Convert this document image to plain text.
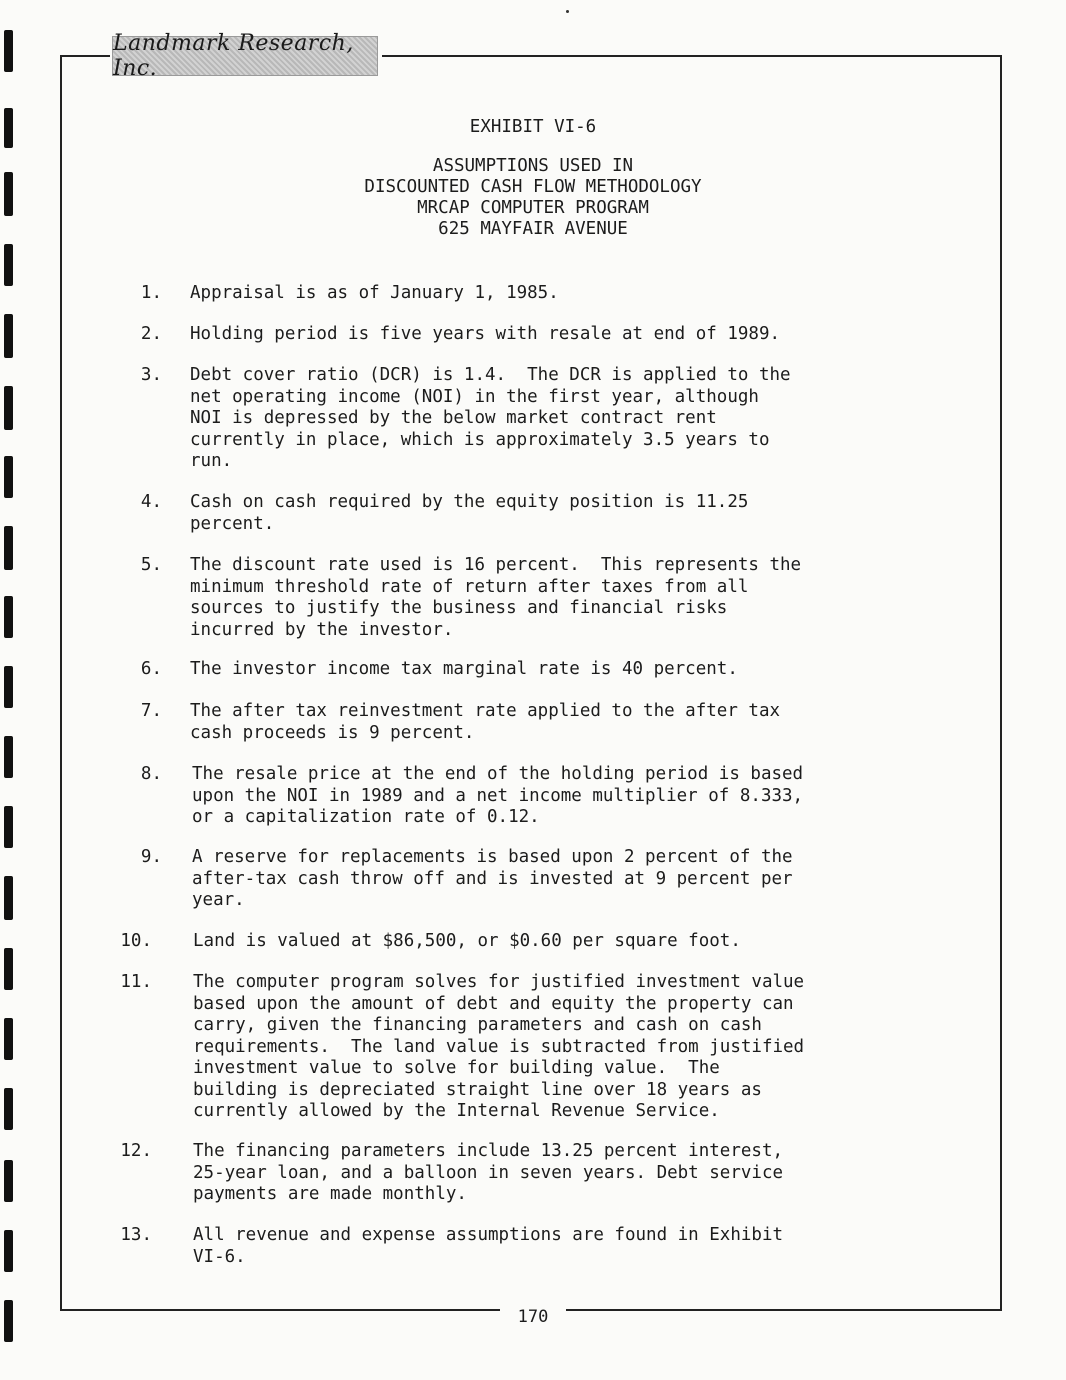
Landmark Research, Inc.
EXHIBIT VI-6
ASSUMPTIONS USED IN
DISCOUNTED CASH FLOW METHODOLOGY
MRCAP COMPUTER PROGRAM
625 MAYFAIR AVENUE
1. Appraisal is as of January 1, 1985.
2. Holding period is five years with resale at end of 1989.
3. Debt cover ratio (DCR) is 1.4.  The DCR is applied to the
net operating income (NOI) in the first year, although
NOI is depressed by the below market contract rent
currently in place, which is approximately 3.5 years to
run.
4. Cash on cash required by the equity position is 11.25
percent.
5. The discount rate used is 16 percent.  This represents the
minimum threshold rate of return after taxes from all
sources to justify the business and financial risks
incurred by the investor.
6. The investor income tax marginal rate is 40 percent.
7. The after tax reinvestment rate applied to the after tax
cash proceeds is 9 percent.
8. The resale price at the end of the holding period is based
upon the NOI in 1989 and a net income multiplier of 8.333,
or a capitalization rate of 0.12.
9. A reserve for replacements is based upon 2 percent of the
after-tax cash throw off and is invested at 9 percent per
year.
10. Land is valued at $86,500, or $0.60 per square foot.
11. The computer program solves for justified investment value
based upon the amount of debt and equity the property can
carry, given the financing parameters and cash on cash
requirements.  The land value is subtracted from justified
investment value to solve for building value.  The
building is depreciated straight line over 18 years as
currently allowed by the Internal Revenue Service.
12. The financing parameters include 13.25 percent interest,
25-year loan, and a balloon in seven years. Debt service
payments are made monthly.
13. All revenue and expense assumptions are found in Exhibit
VI-6.
170
